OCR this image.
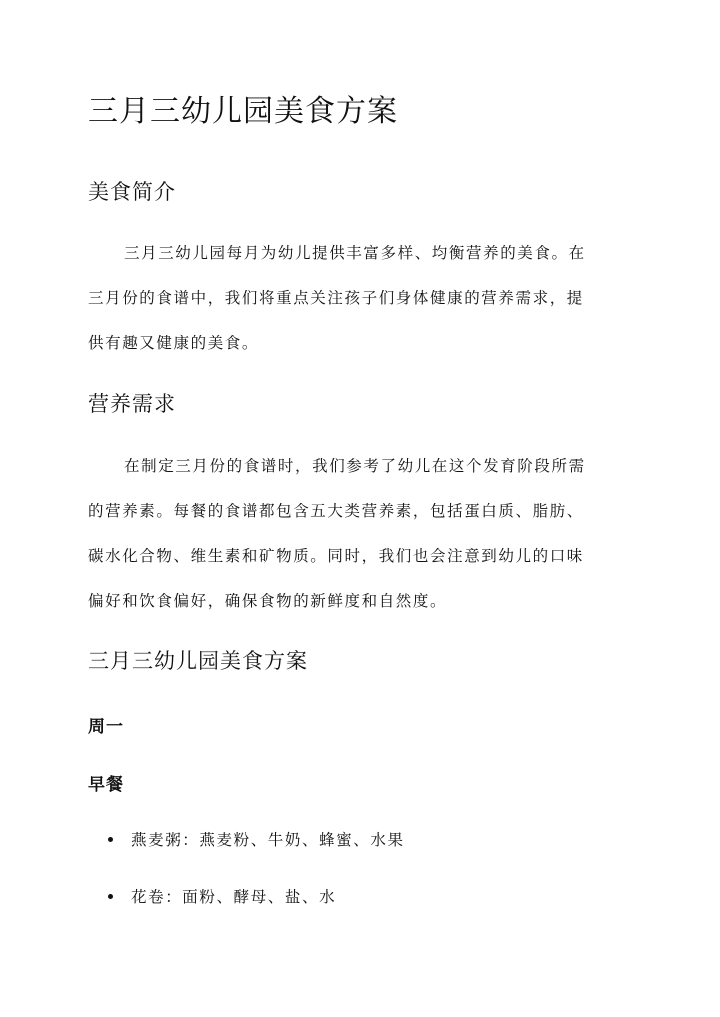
三月三幼儿园美食方案
美食简介

三月三幼儿园每月为幼儿提供丰富多样、均衡营养的美食。在
三月份的食谱中，我们将重点关注孩子们身体健康的营养需求，提
供有趣又健康的美食。

营养需求

在制定三月份的食谱时，我们参考了幼儿在这个发育阶段所需
的营养素。每餐的食谱都包含五大类营养素，包括蛋白质、脂肪、
碳水化合物、维生素和矿物质。同时，我们也会注意到幼儿的口味
偏好和饮食偏好，确保食物的新鲜度和自然度。

三月三幼儿园美食方案
周一
早餐
燕麦粥：燕麦粉、牛奶、蜂蜜、水果
花卷：面粉、酵母、盐、水
